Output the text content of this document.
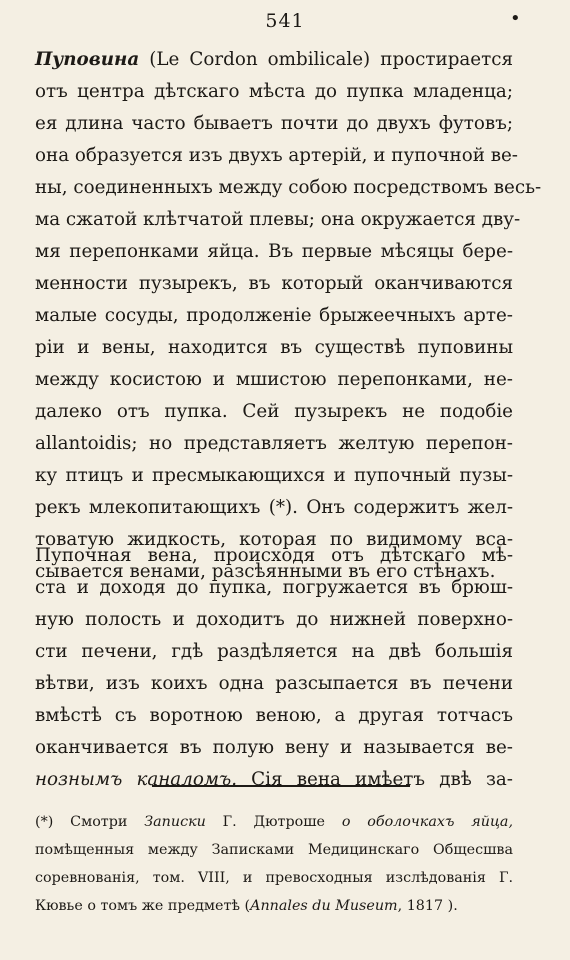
541	•
Пуповина (Le Cordon ombilicale) простирается
отъ центра дѣтскаго мѣста до пупка младенца;
ея длина часто бываетъ почти до двухъ футовъ;
она образуется изъ двухъ артерій, и пупочной ве-
ны, соединенныхъ между собою посредствомъ весь-
ма сжатой клѣтчатой плевы; она окружается дву-
мя перепонками яйца. Въ первые мѣсяцы бере-
менности пузырекъ, въ который оканчиваются
малые сосуды, продолженіе брыжеечныхъ арте-
ріи и вены, находится въ существѣ пуповины
между косистою и мшистою перепонками, не-
далеко отъ пупка. Сей пузырекъ не подобіе
allantoidis; но представляетъ желтую перепон-
ку птицъ и пресмыкающихся и пупочный пузы-
рекъ млекопитающихъ (*). Онъ содержитъ жел-
товатую жидкость, которая по видимому вса-
сывается венами, разсѣянными въ его стѣнахъ.
Пупочная вена, происходя отъ дѣтскаго мѣ-
ста и доходя до пупка, погружается въ брюш-
ную полость и доходитъ до нижней поверхно-
сти печени, гдѣ раздѣляется на двѣ большія
вѣтви, изъ коихъ одна разсыпается въ печени
вмѣстѣ съ воротною веною, а другая тотчасъ
оканчивается въ полую вену и называется ве-
нознымъ каналомъ. Сія вена имѣетъ двѣ за-
(*) Смотри Записки Г. Дютроше о оболочкахъ яйца,
помѣщенныя между Записками Медицинскаго Общесшва
соревнованія, том. VIII, и превосходныя изслѣдованія Г.
Кювье о томъ же предметѣ (Annales du Museum, 1817 ).
